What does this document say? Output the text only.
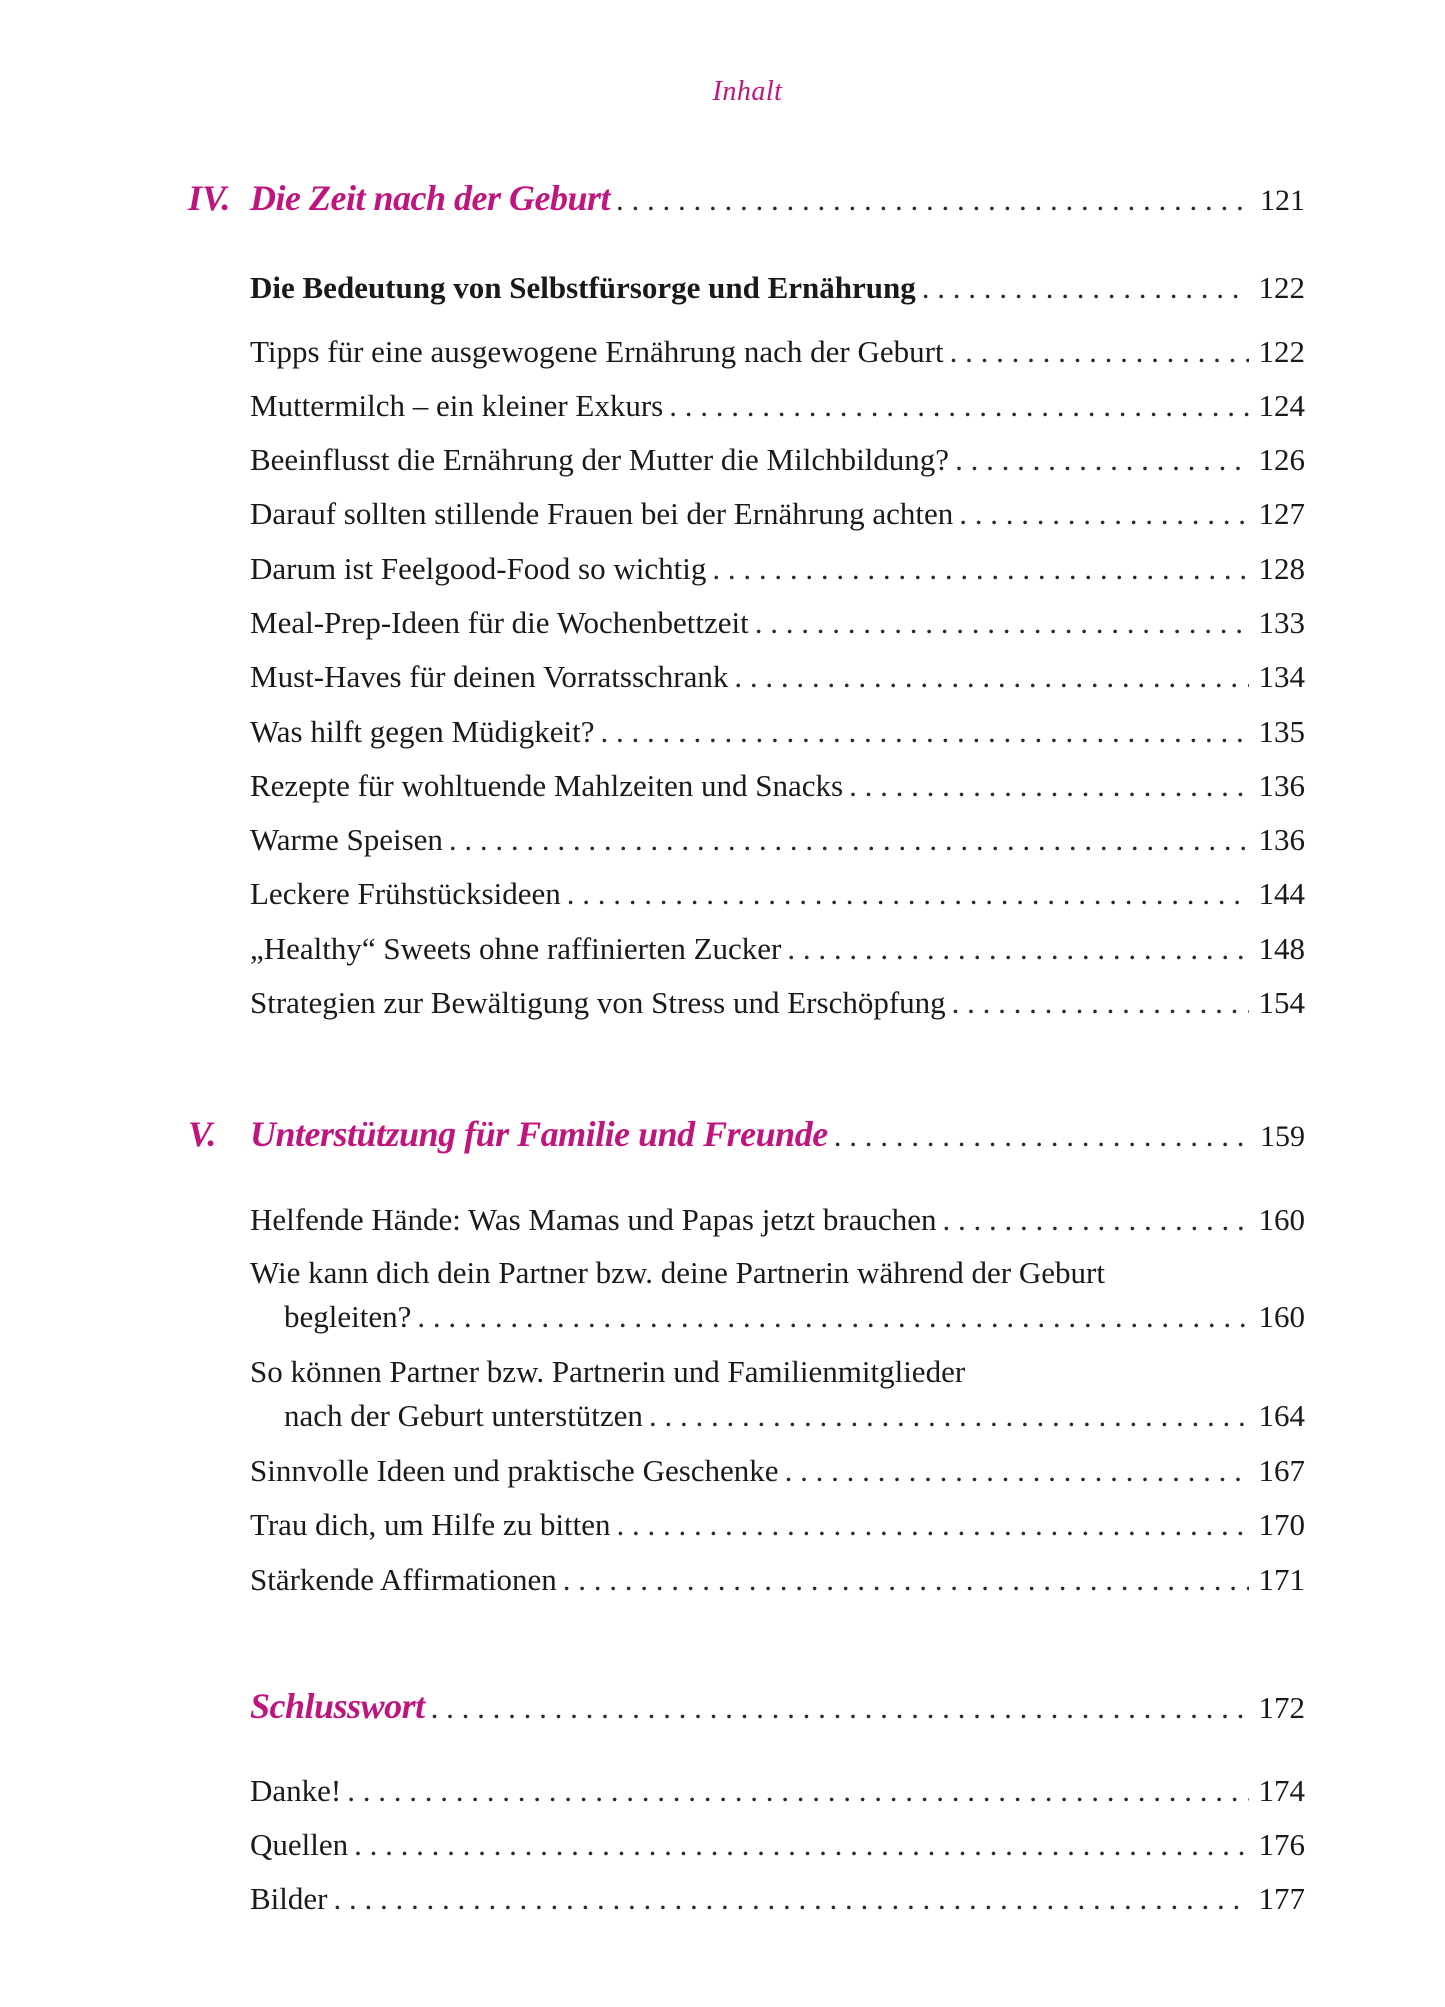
Inhalt
IV. Die Zeit nach der Geburt . . .	121
Die Bedeutung von Selbstfürsorge und Ernährung . . .	122
Tipps für eine ausgewogene Ernährung nach der Geburt . . .	122
Muttermilch – ein kleiner Exkurs . . .	124
Beeinflusst die Ernährung der Mutter die Milchbildung? . . .	126
Darauf sollten stillende Frauen bei der Ernährung achten . . .	127
Darum ist Feelgood-Food so wichtig . . .	128
Meal-Prep-Ideen für die Wochenbettzeit . . .	133
Must-Haves für deinen Vorratsschrank . . .	134
Was hilft gegen Müdigkeit? . . .	135
Rezepte für wohltuende Mahlzeiten und Snacks . . .	136
Warme Speisen . . .	136
Leckere Frühstücksideen . . .	144
„Healthy“ Sweets ohne raffinierten Zucker . . .	148
Strategien zur Bewältigung von Stress und Erschöpfung . . .	154
V. Unterstützung für Familie und Freunde . . .	159
Helfende Hände: Was Mamas und Papas jetzt brauchen . . .	160
Wie kann dich dein Partner bzw. deine Partnerin während der Geburt
begleiten? . . .	160
So können Partner bzw. Partnerin und Familienmitglieder
nach der Geburt unterstützen . . .	164
Sinnvolle Ideen und praktische Geschenke . . .	167
Trau dich, um Hilfe zu bitten . . .	170
Stärkende Affirmationen . . .	171
Schlusswort . . .	172
Danke! . . .	174
Quellen . . .	176
Bilder . . .	177
